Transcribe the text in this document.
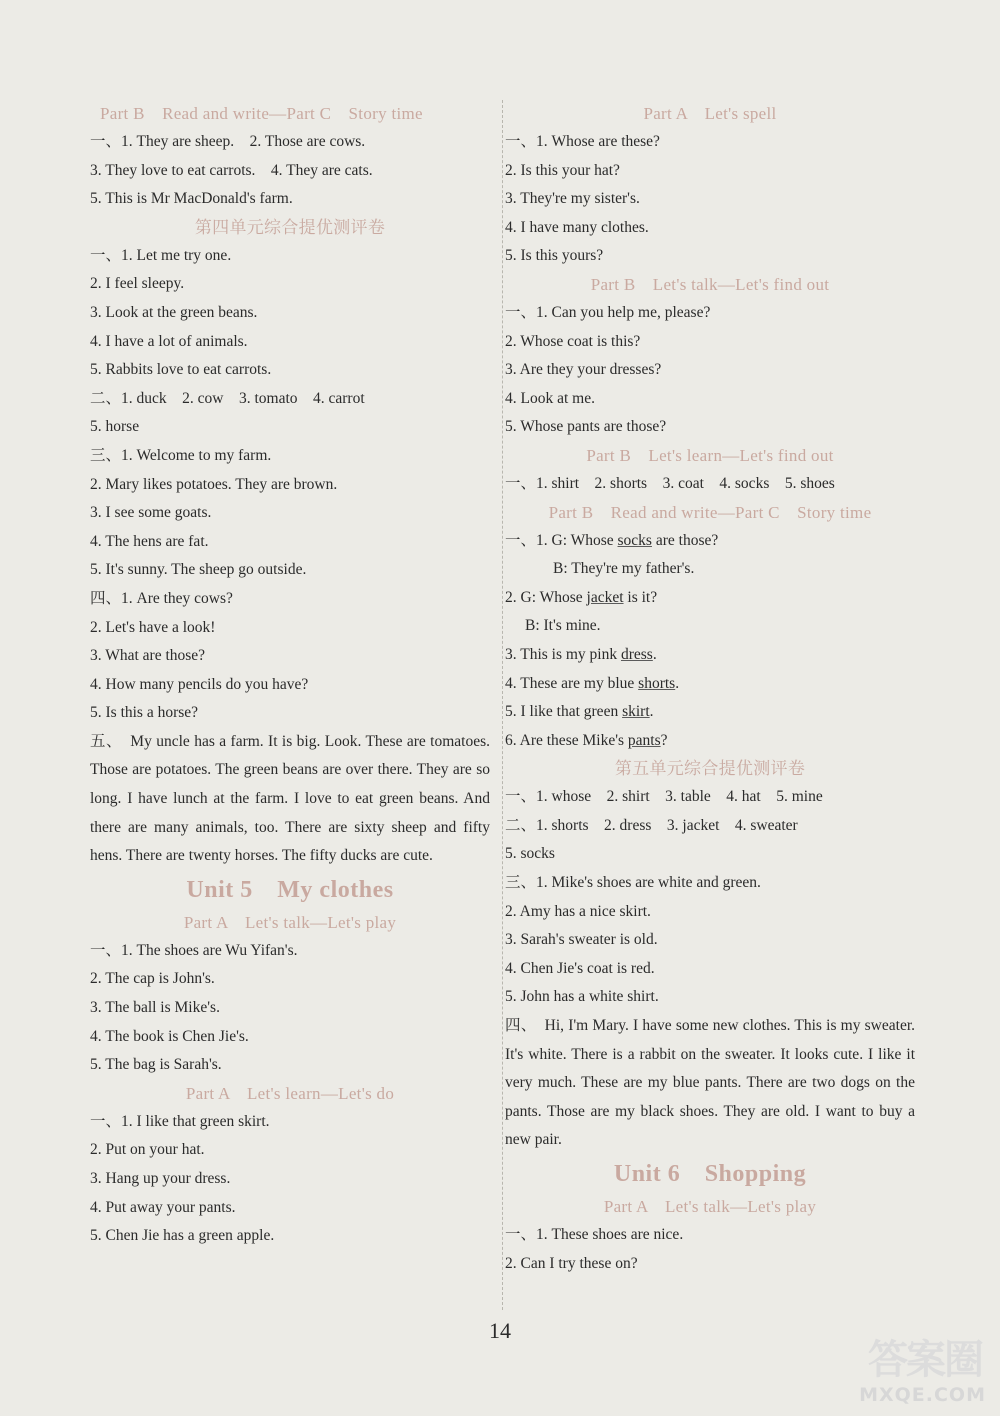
Part B　Read and write—Part C　Story time
一、1. They are sheep.　2. Those are cows.
3. They love to eat carrots.　4. They are cats.
5. This is Mr MacDonald's farm.
第四单元综合提优测评卷
一、1. Let me try one.
2. I feel sleepy.
3. Look at the green beans.
4. I have a lot of animals.
5. Rabbits love to eat carrots.
二、1. duck　2. cow　3. tomato　4. carrot
5. horse
三、1. Welcome to my farm.
2. Mary likes potatoes. They are brown.
3. I see some goats.
4. The hens are fat.
5. It's sunny. The sheep go outside.
四、1. Are they cows?
2. Let's have a look!
3. What are those?
4. How many pencils do you have?
5. Is this a horse?
五、　My uncle has a farm. It is big. Look. These are tomatoes. Those are potatoes. The green beans are over there. They are so long. I have lunch at the farm. I love to eat green beans. And there are many animals, too. There are sixty sheep and fifty hens. There are twenty horses. The fifty ducks are cute.
Unit 5　My clothes
Part A　Let's talk—Let's play
一、1. The shoes are Wu Yifan's.
2. The cap is John's.
3. The ball is Mike's.
4. The book is Chen Jie's.
5. The bag is Sarah's.
Part A　Let's learn—Let's do
一、1. I like that green skirt.
2. Put on your hat.
3. Hang up your dress.
4. Put away your pants.
5. Chen Jie has a green apple.
Part A　Let's spell
一、1. Whose are these?
2. Is this your hat?
3. They're my sister's.
4. I have many clothes.
5. Is this yours?
Part B　Let's talk—Let's find out
一、1. Can you help me, please?
2. Whose coat is this?
3. Are they your dresses?
4. Look at me.
5. Whose pants are those?
Part B　Let's learn—Let's find out
一、1. shirt　2. shorts　3. coat　4. socks　5. shoes
Part B　Read and write—Part C　Story time
一、1. G: Whose socks are those?
B: They're my father's.
2. G: Whose jacket is it?
B: It's mine.
3. This is my pink dress.
4. These are my blue shorts.
5. I like that green skirt.
6. Are these Mike's pants?
第五单元综合提优测评卷
一、1. whose　2. shirt　3. table　4. hat　5. mine
二、1. shorts　2. dress　3. jacket　4. sweater
5. socks
三、1. Mike's shoes are white and green.
2. Amy has a nice skirt.
3. Sarah's sweater is old.
4. Chen Jie's coat is red.
5. John has a white shirt.
四、　Hi, I'm Mary. I have some new clothes. This is my sweater. It's white. There is a rabbit on the sweater. It looks cute. I like it very much. These are my blue pants. There are two dogs on the pants. Those are my black shoes. They are old. I want to buy a new pair.
Unit 6　Shopping
Part A　Let's talk—Let's play
一、1. These shoes are nice.
2. Can I try these on?
14
答案圈
MXQE.COM
